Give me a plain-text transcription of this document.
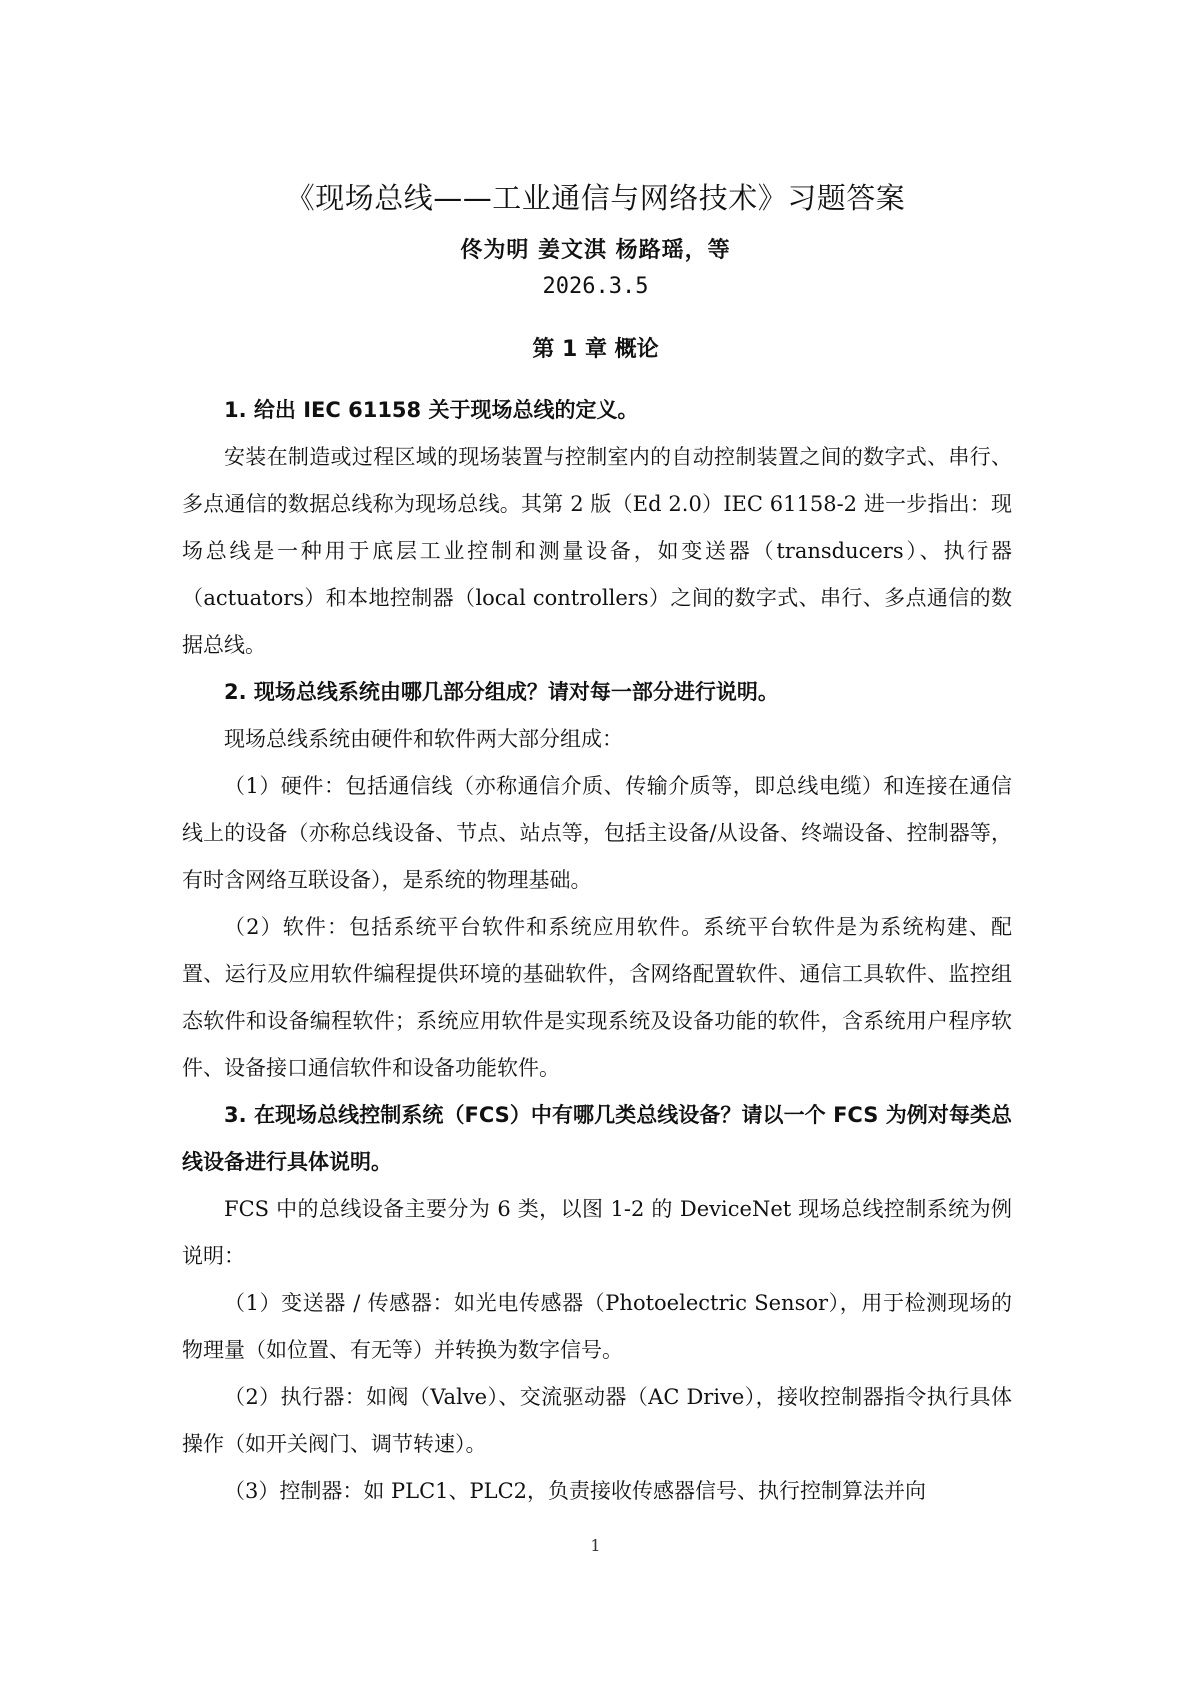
《现场总线——工业通信与网络技术》习题答案
佟为明 姜文淇 杨路瑶，等
2026.3.5
第 1 章 概论

1. 给出 IEC 61158 关于现场总线的定义。

安装在制造或过程区域的现场装置与控制室内的自动控制装置之间的数字式、串行、多点通信的数据总线称为现场总线。其第 2 版（Ed 2.0）IEC 61158-2 进一步指出：现场总线是一种用于底层工业控制和测量设备，如变送器（transducers）、执行器（actuators）和本地控制器（local controllers）之间的数字式、串行、多点通信的数据总线。

2. 现场总线系统由哪几部分组成？请对每一部分进行说明。

现场总线系统由硬件和软件两大部分组成：

（1）硬件：包括通信线（亦称通信介质、传输介质等，即总线电缆）和连接在通信线上的设备（亦称总线设备、节点、站点等，包括主设备/从设备、终端设备、控制器等，有时含网络互联设备），是系统的物理基础。

（2）软件：包括系统平台软件和系统应用软件。系统平台软件是为系统构建、配置、运行及应用软件编程提供环境的基础软件，含网络配置软件、通信工具软件、监控组态软件和设备编程软件；系统应用软件是实现系统及设备功能的软件，含系统用户程序软件、设备接口通信软件和设备功能软件。

3. 在现场总线控制系统（FCS）中有哪几类总线设备？请以一个 FCS 为例对每类总线设备进行具体说明。

FCS 中的总线设备主要分为 6 类，以图 1-2 的 DeviceNet 现场总线控制系统为例说明：

（1）变送器 / 传感器：如光电传感器（Photoelectric Sensor），用于检测现场的物理量（如位置、有无等）并转换为数字信号。

（2）执行器：如阀（Valve）、交流驱动器（AC Drive），接收控制器指令执行具体操作（如开关阀门、调节转速）。

（3）控制器：如 PLC1、PLC2，负责接收传感器信号、执行控制算法并向

1
